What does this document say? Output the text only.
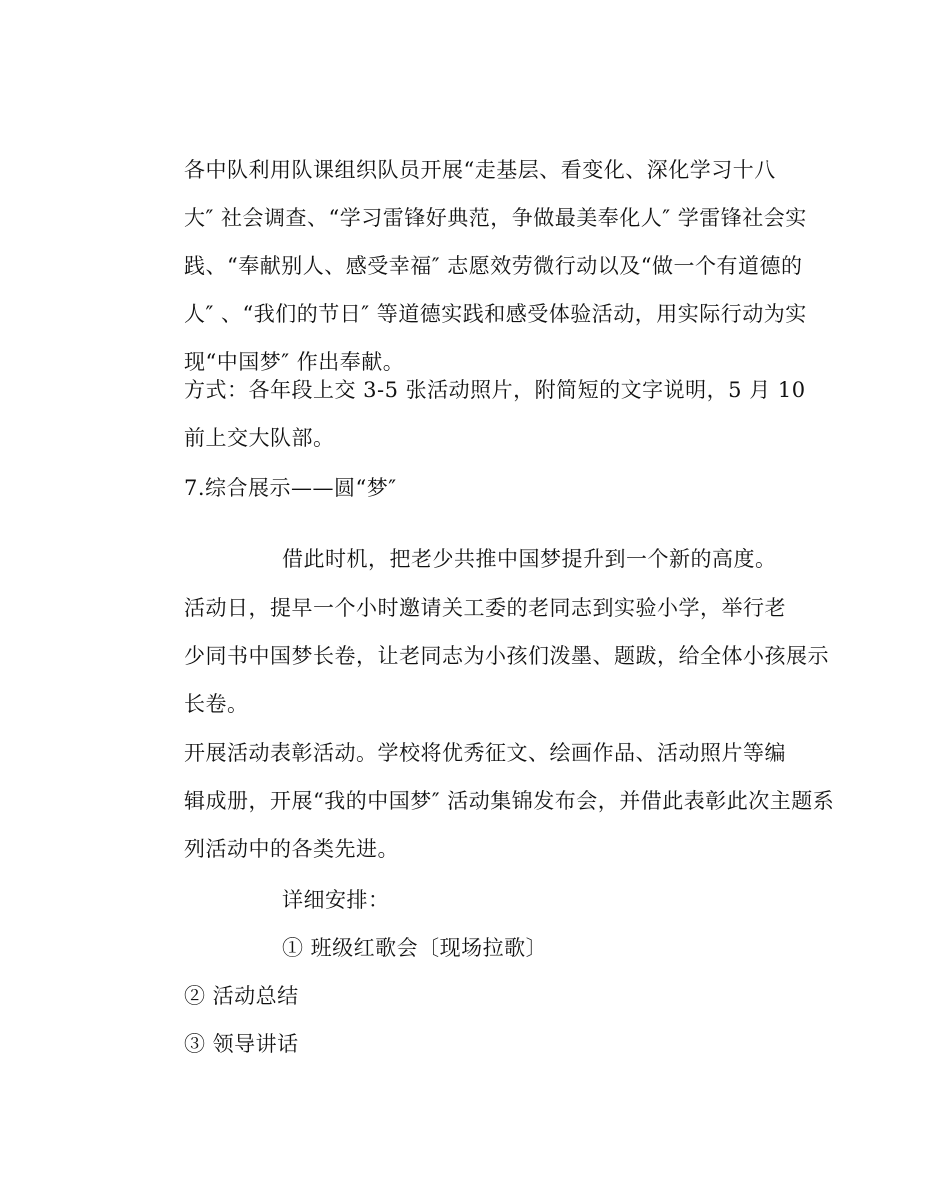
各中队利用队课组织队员开展“走基层、看变化、深化学习十八
大″ 社会调查、“学习雷锋好典范，争做最美奉化人″ 学雷锋社会实
践、“奉献别人、感受幸福″ 志愿效劳微行动以及“做一个有道德的
人″ 、“我们的节日″ 等道德实践和感受体验活动，用实际行动为实
现“中国梦″ 作出奉献。

方式：各年段上交 3-5 张活动照片，附简短的文字说明，5 月 10
前上交大队部。

7.综合展示——圆“梦″

借此时机，把老少共推中国梦提升到一个新的高度。

活动日，提早一个小时邀请关工委的老同志到实验小学，举行老
少同书中国梦长卷，让老同志为小孩们泼墨、题跋，给全体小孩展示
长卷。

开展活动表彰活动。学校将优秀征文、绘画作品、活动照片等编
辑成册，开展“我的中国梦″ 活动集锦发布会，并借此表彰此次主题系
列活动中的各类先进。

详细安排：

① 班级红歌会〔现场拉歌〕

② 活动总结

③ 领导讲话
